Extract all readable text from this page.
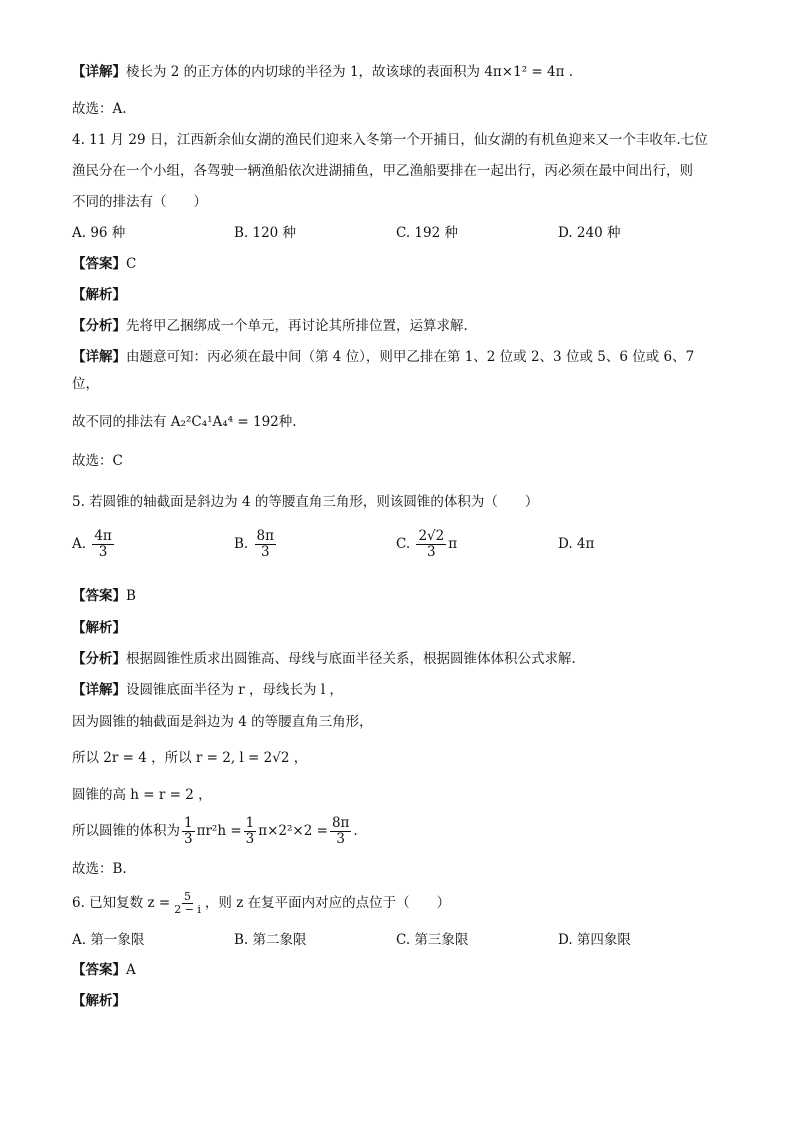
【详解】棱长为 2 的正方体的内切球的半径为 1，故该球的表面积为 4π×1² = 4π .
故选：A.
4. 11 月 29 日，江西新余仙女湖的渔民们迎来入冬第一个开捕日，仙女湖的有机鱼迎来又一个丰收年.七位
渔民分在一个小组，各驾驶一辆渔船依次进湖捕鱼，甲乙渔船要排在一起出行，丙必须在最中间出行，则
不同的排法有（　　）
A. 96 种	B. 120 种	C. 192 种	D. 240 种
【答案】C
【解析】
【分析】先将甲乙捆绑成一个单元，再讨论其所排位置，运算求解.
【详解】由题意可知：丙必须在最中间（第 4 位），则甲乙排在第 1、2 位或 2、3 位或 5、6 位或 6、7
位，
故不同的排法有 A₂²C₄¹A₄⁴ = 192种.
故选：C
5. 若圆锥的轴截面是斜边为 4 的等腰直角三角形，则该圆锥的体积为（　　）
A. $\frac{4\pi}{3}$	B. $\frac{8\pi}{3}$	C. $\frac{2√2}{3}$ π	D. 4π
【答案】B
【解析】
【分析】根据圆锥性质求出圆锥高、母线与底面半径关系，根据圆锥体体积公式求解.
【详解】设圆锥底面半径为 r ，母线长为 l ，
因为圆锥的轴截面是斜边为 4 的等腰直角三角形，
所以 2r = 4 ，所以 r = 2, l = 2√2 ，
圆锥的高 h = r = 2 ，
所以圆锥的体积为 $\frac{1}{3} \pi r^2h = \frac{1}{3} \pi\times 2^2\times 2 = \frac{8\pi}{3}$ .
故选：B.
6. 已知复数 $z = \frac{5}{2 - i}$ ，则 z 在复平面内对应的点位于（　　）
A. 第一象限	B. 第二象限	C. 第三象限	D. 第四象限
【答案】A
【解析】
